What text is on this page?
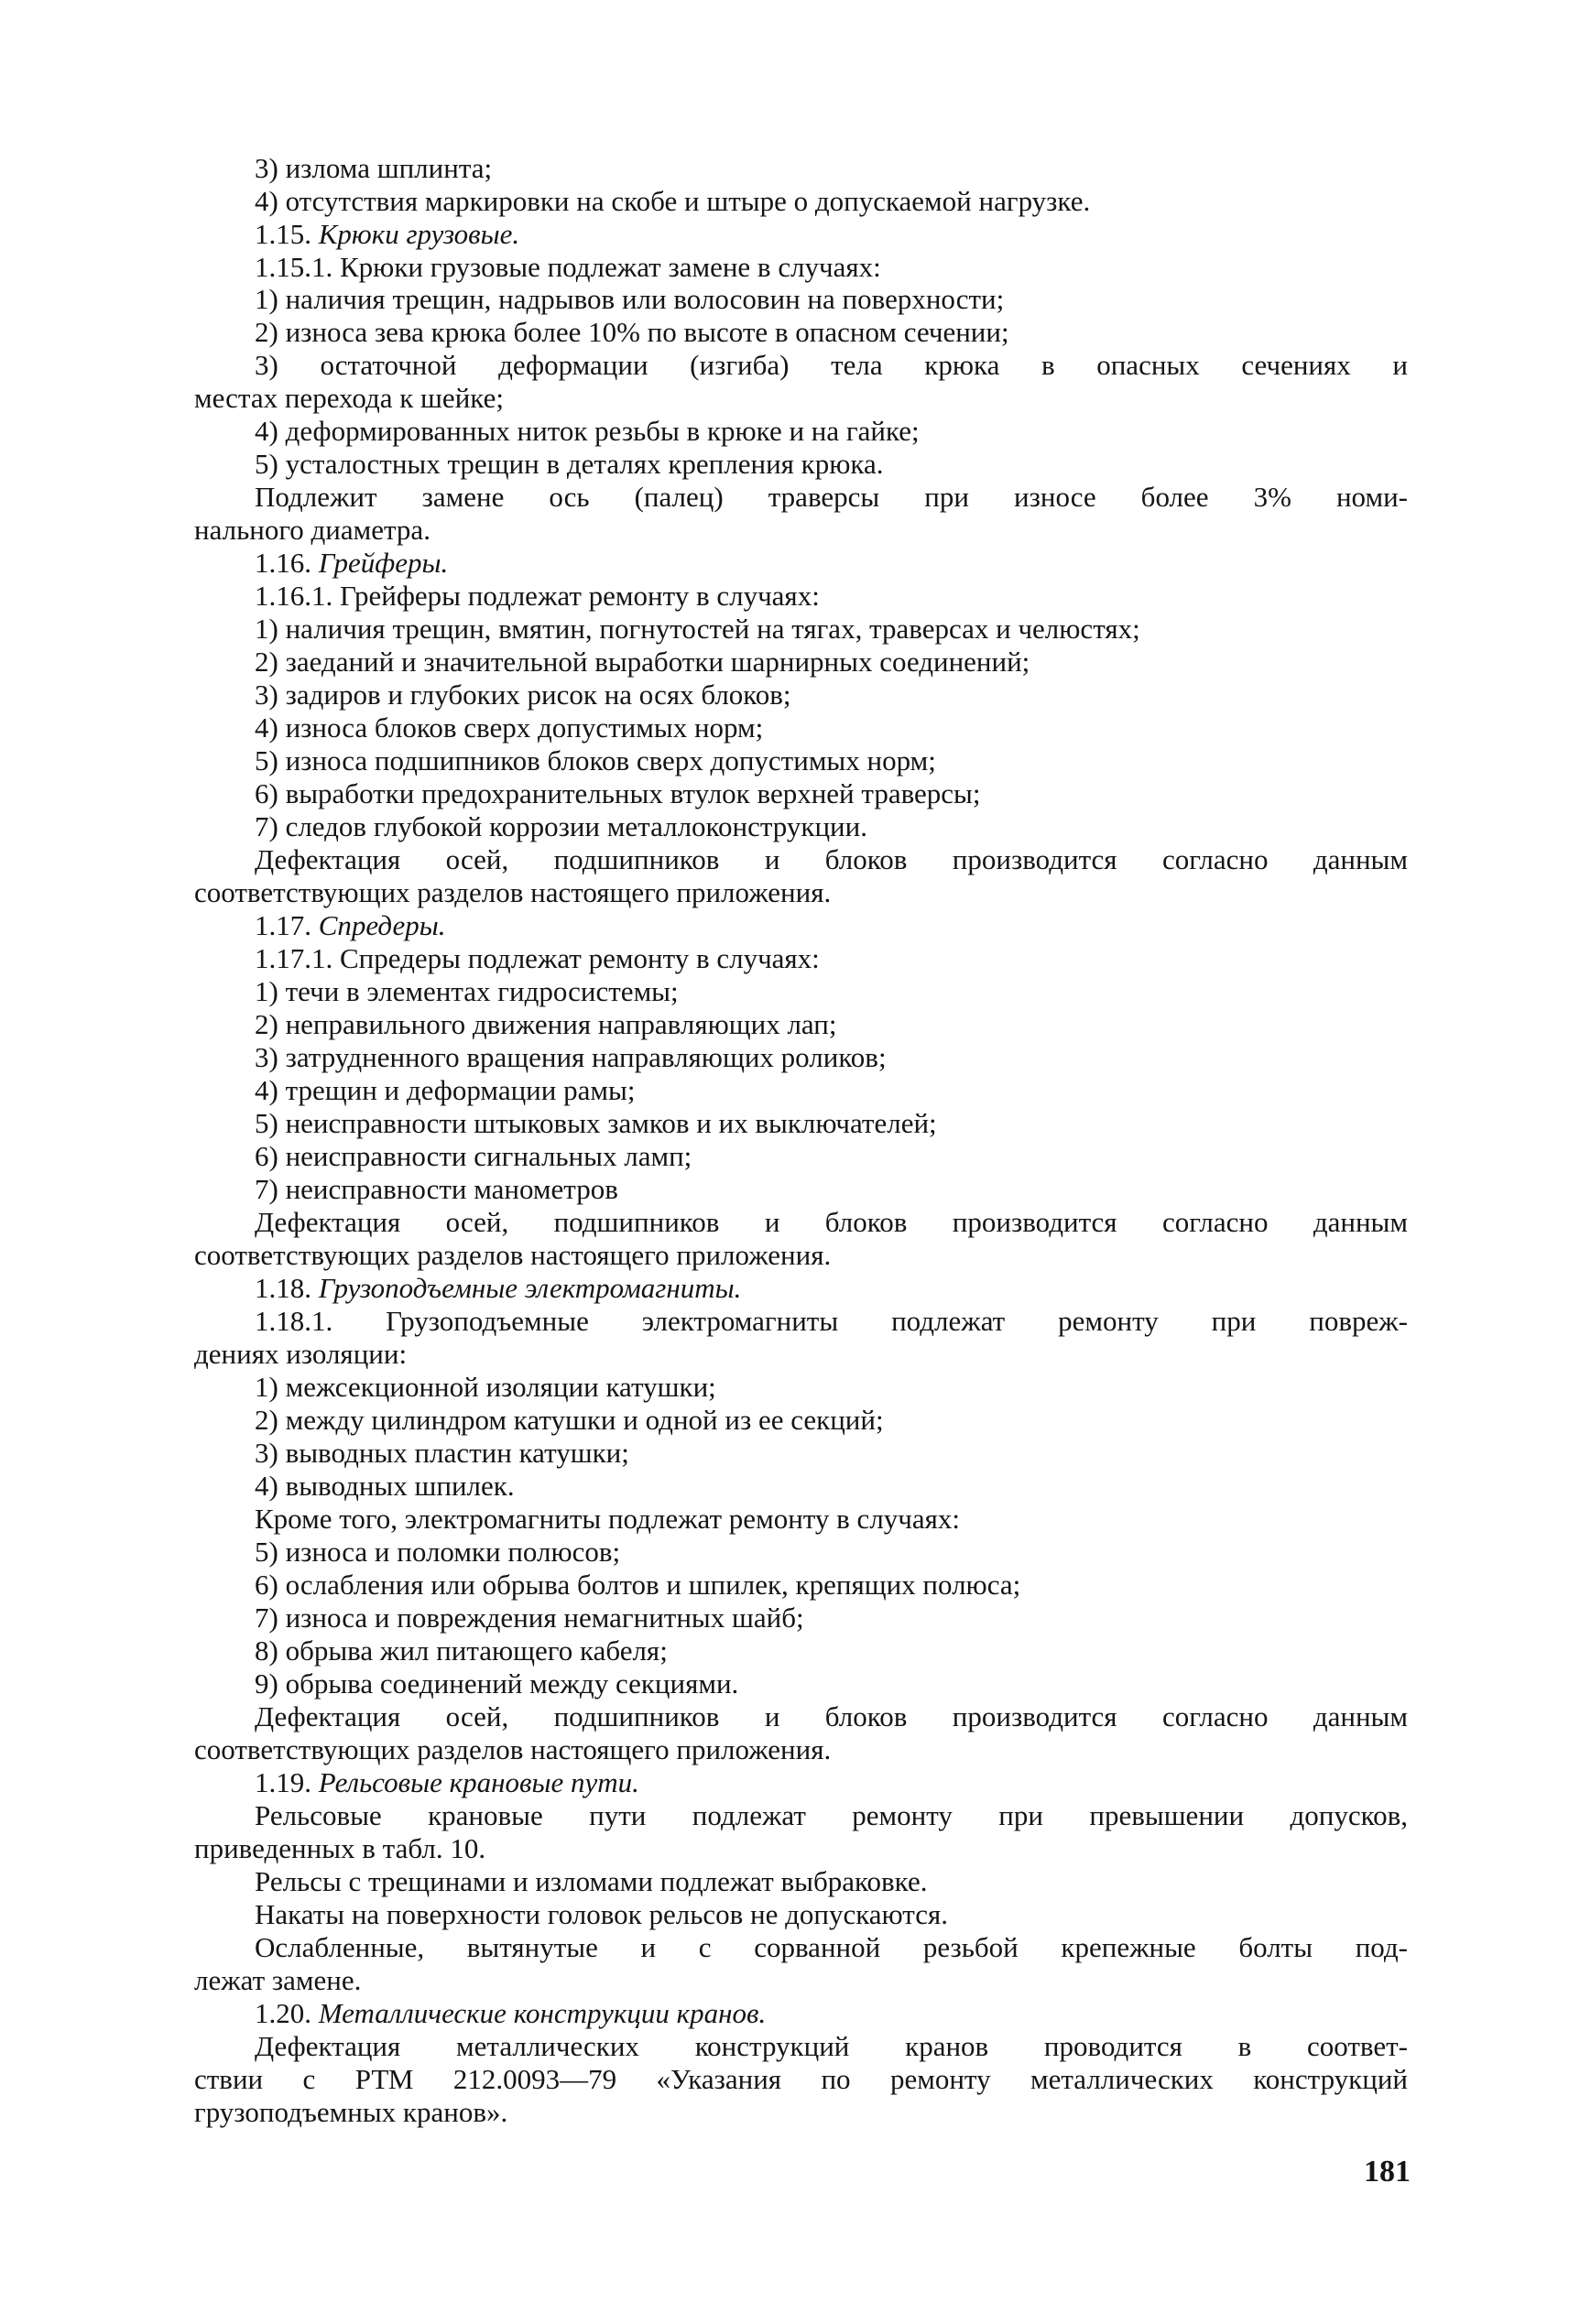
3) излома шплинта;
4) отсутствия маркировки на скобе и штыре о допускаемой нагрузке.
1.15. Крюки грузовые.
1.15.1. Крюки грузовые подлежат замене в случаях:
1) наличия трещин, надрывов или волосовин на поверхности;
2) износа зева крюка более 10% по высоте в опасном сечении;
3) остаточной деформации (изгиба) тела крюка в опасных сечениях и
местах перехода к шейке;
4) деформированных ниток резьбы в крюке и на гайке;
5) усталостных трещин в деталях крепления крюка.
Подлежит замене ось (палец) траверсы при износе более 3% номи-
нального диаметра.
1.16. Грейферы.
1.16.1. Грейферы подлежат ремонту в случаях:
1) наличия трещин, вмятин, погнутостей на тягах, траверсах и челюстях;
2) заеданий и значительной выработки шарнирных соединений;
3) задиров и глубоких рисок на осях блоков;
4) износа блоков сверх допустимых норм;
5) износа подшипников блоков сверх допустимых норм;
6) выработки предохранительных втулок верхней траверсы;
7) следов глубокой коррозии металлоконструкции.
Дефектация осей, подшипников и блоков производится согласно данным
соответствующих разделов настоящего приложения.
1.17. Спредеры.
1.17.1. Спредеры подлежат ремонту в случаях:
1) течи в элементах гидросистемы;
2) неправильного движения направляющих лап;
3) затрудненного вращения направляющих роликов;
4) трещин и деформации рамы;
5) неисправности штыковых замков и их выключателей;
6) неисправности сигнальных ламп;
7) неисправности манометров
Дефектация осей, подшипников и блоков производится согласно данным
соответствующих разделов настоящего приложения.
1.18. Грузоподъемные электромагниты.
1.18.1. Грузоподъемные электромагниты подлежат ремонту при повреж-
дениях изоляции:
1) межсекционной изоляции катушки;
2) между цилиндром катушки и одной из ее секций;
3) выводных пластин катушки;
4) выводных шпилек.
Кроме того, электромагниты подлежат ремонту в случаях:
5) износа и поломки полюсов;
6) ослабления или обрыва болтов и шпилек, крепящих полюса;
7) износа и повреждения немагнитных шайб;
8) обрыва жил питающего кабеля;
9) обрыва соединений между секциями.
Дефектация осей, подшипников и блоков производится согласно данным
соответствующих разделов настоящего приложения.
1.19. Рельсовые крановые пути.
Рельсовые крановые пути подлежат ремонту при превышении допусков,
приведенных в табл. 10.
Рельсы с трещинами и изломами подлежат выбраковке.
Накаты на поверхности головок рельсов не допускаются.
Ослабленные, вытянутые и с сорванной резьбой крепежные болты под-
лежат замене.
1.20. Металлические конструкции кранов.
Дефектация металлических конструкций кранов проводится в соответ-
ствии с РТМ 212.0093—79 «Указания по ремонту металлических конструкций
грузоподъемных кранов».
181
